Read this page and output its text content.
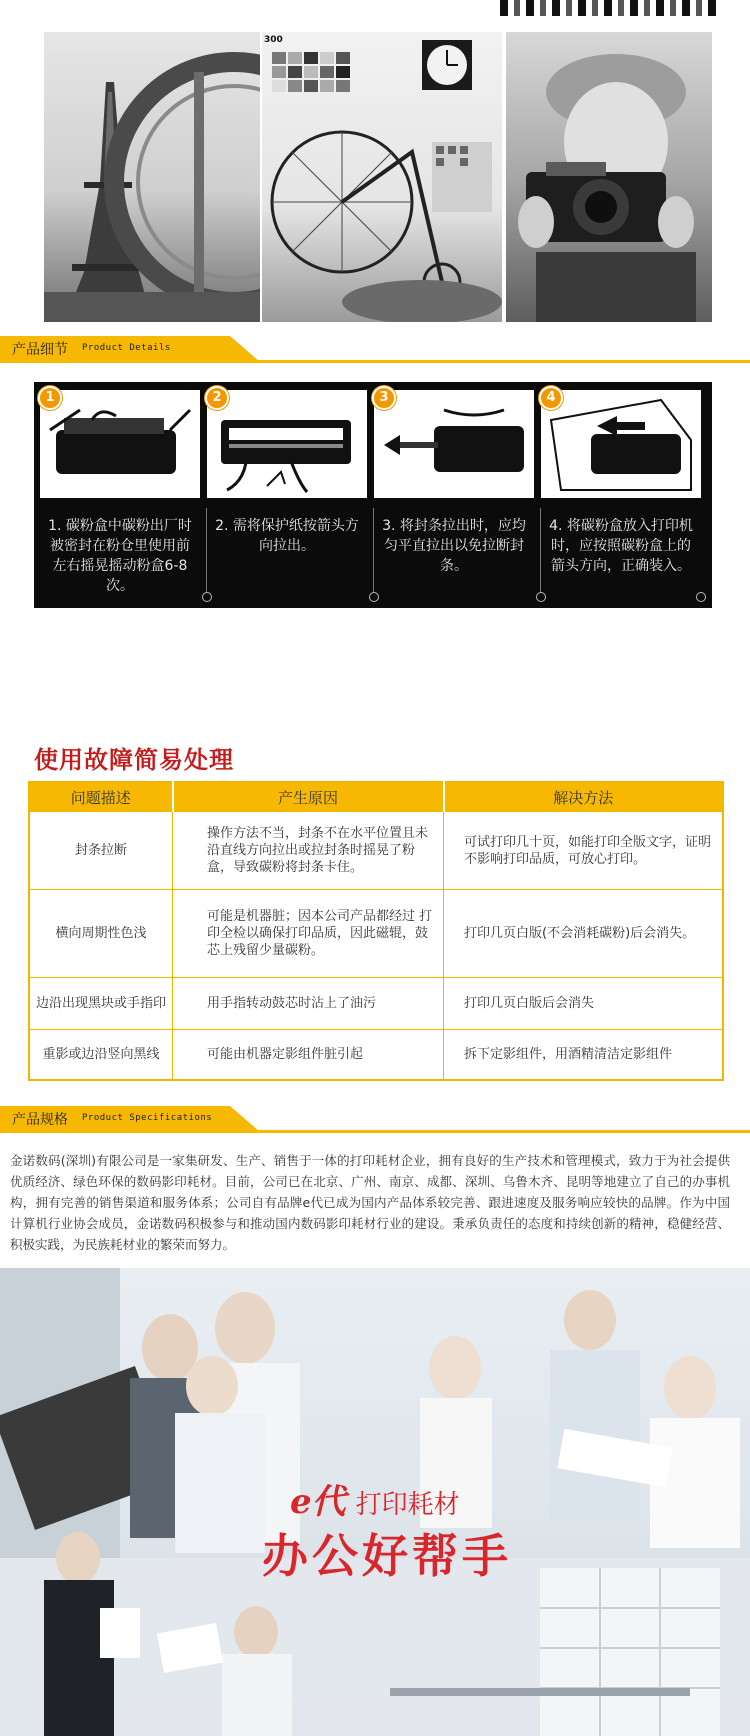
300
产品细节 Product Details
1
1. 碳粉盒中碳粉出厂时被密封在粉仓里使用前左右摇晃摇动粉盒6-8次。
2
2. 需将保护纸按箭头方向拉出。
3
3. 将封条拉出时，应均匀平直拉出以免拉断封条。
4
4. 将碳粉盒放入打印机时，应按照碳粉盒上的箭头方向，正确装入。
使用故障简易处理
问题描述	产生原因	解决方法
封条拉断	操作方法不当，封条不在水平位置且未沿直线方向拉出或拉封条时摇晃了粉盒，导致碳粉将封条卡住。	可试打印几十页，如能打印全版文字，证明不影响打印品质，可放心打印。
横向周期性色浅	可能是机器脏；因本公司产品都经过 打印全检以确保打印品质，因此磁辊，鼓芯上残留少量碳粉。	打印几页白版(不会消耗碳粉)后会消失。
边沿出现黑块或手指印	用手指转动鼓芯时沾上了油污	打印几页白版后会消失
重影或边沿竖向黑线	可能由机器定影组件脏引起	拆下定影组件，用酒精清洁定影组件
产品规格 Product Specifications
金诺数码(深圳)有限公司是一家集研发、生产、销售于一体的打印耗材企业，拥有良好的生产技术和管理模式，致力于为社会提供优质经济、绿色环保的数码影印耗材。目前，公司已在北京、广州、南京、成都、深圳、乌鲁木齐、昆明等地建立了自己的办事机构，拥有完善的销售渠道和服务体系；公司自有品牌e代已成为国内产品体系较完善、跟进速度及服务响应较快的品牌。作为中国计算机行业协会成员，金诺数码积极参与和推动国内数码影印耗材行业的建设。秉承负责任的态度和持续创新的精神，稳健经营、积极实践，为民族耗材业的繁荣而努力。
e代 打印耗材
办公好帮手
